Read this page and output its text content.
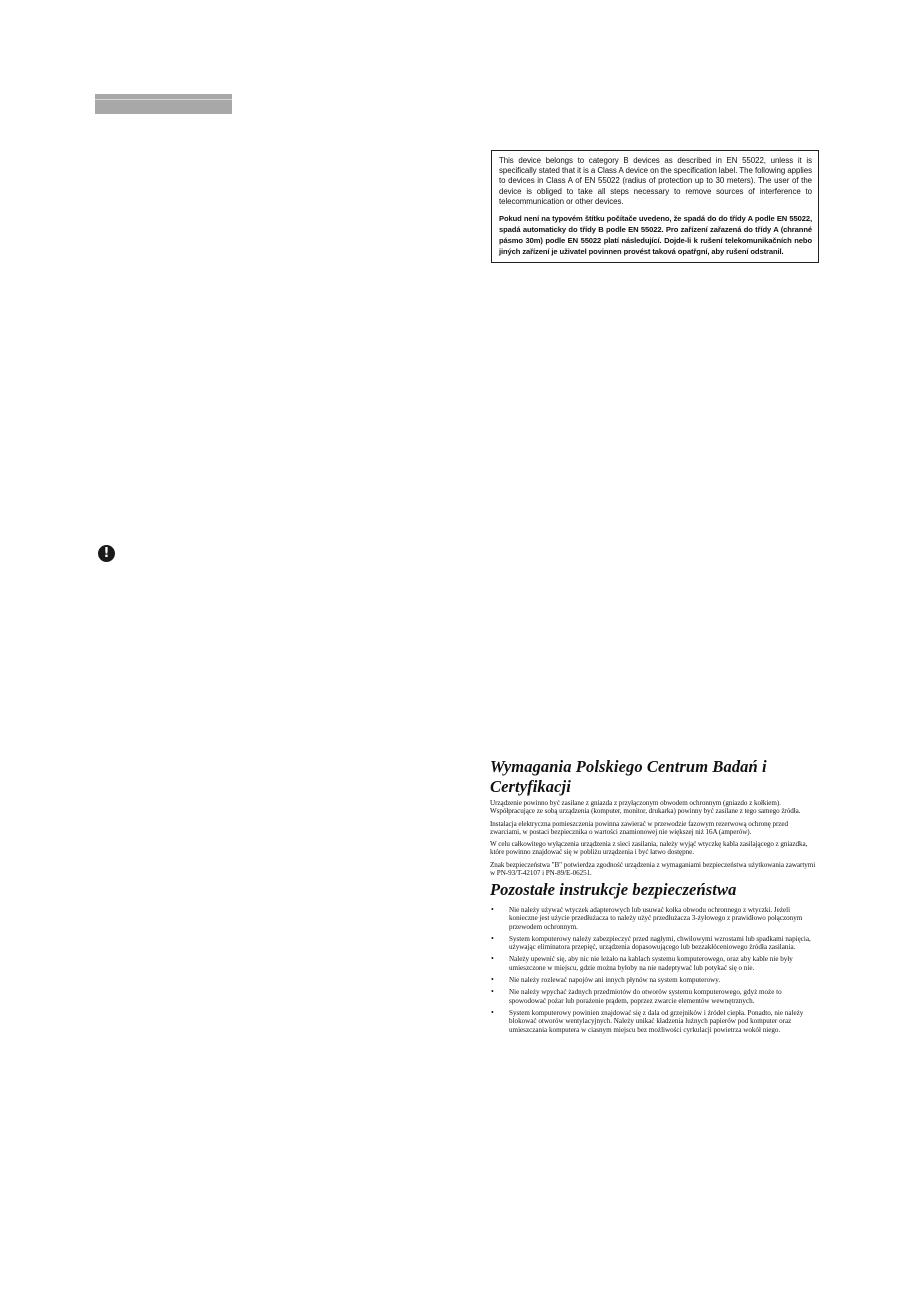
This device belongs to category B devices as described in EN 55022, unless it is specifically stated that it is a Class A device on the specification label. The following applies to devices in Class A of EN 55022 (radius of protection up to 30 meters). The user of the device is obliged to take all steps necessary to remove sources of interference to telecommunication or other devices.

Pokud není na typovém štítku počítače uvedeno, že spadá do do třídy A podle EN 55022, spadá automaticky do třídy B podle EN 55022. Pro zařízení zařazená do třídy A (chranné pásmo 30m) podle EN 55022 platí následující. Dojde-li k rušení telekomunikačních nebo jiných zařízení je uživatel povinnen provést taková opatřgní, aby rušení odstranil.

!
Wymagania Polskiego Centrum Badań i Certyfikacji

Urządzenie powinno być zasilane z gniazda z przyłączonym obwodem ochronnym (gniazdo z kołkiem). Współpracujące ze sobą urządzenia (komputer, monitor, drukarka) powinny być zasilane z tego samego źródła.

Instalacja elektryczna pomieszczenia powinna zawierać w przewodzie fazowym rezerwową ochronę przed zwarciami, w postaci bezpiecznika o wartości znamionowej nie większej niż 16A (amperów).

W celu całkowitego wyłączenia urządzenia z sieci zasilania, należy wyjąć wtyczkę kabla zasilającego z gniazdka, które powinno znajdować się w pobliżu urządzenia i być łatwo dostępne.

Znak bezpieczeństwa "B" potwierdza zgodność urządzenia z wymaganiami bezpieczeństwa użytkowania zawartymi w PN-93/T-42107 i PN-89/E-06251.

Pozostałe instrukcje bezpieczeństwa
• Nie należy używać wtyczek adapterowych lub usuwać kołka obwodu ochronnego z wtyczki. Jeżeli konieczne jest użycie przedłużacza to należy użyć przedłużacza 3-żyłowego z prawidłowo połączonym przewodem ochronnym.
• System komputerowy należy zabezpieczyć przed nagłymi, chwilowymi wzrostami lub spadkami napięcia, używając eliminatora przepięć, urządzenia dopasowującego lub bezzakłóceniowego źródła zasilania.
• Należy upewnić się, aby nic nie leżało na kablach systemu komputerowego, oraz aby kable nie były umieszczone w miejscu, gdzie można byłoby na nie nadeptywać lub potykać się o nie.
• Nie należy rozlewać napojów ani innych płynów na system komputerowy.
• Nie należy wpychać żadnych przedmiotów do otworów systemu komputerowego, gdyż może to spowodować pożar lub porażenie prądem, poprzez zwarcie elementów wewnętrznych.
• System komputerowy powinien znajdować się z dala od grzejników i źródeł ciepła. Ponadto, nie należy blokować otworów wentylacyjnych. Należy unikać kładzenia lużnych papierów pod komputer oraz umieszczania komputera w ciasnym miejscu bez możliwości cyrkulacji powietrza wokół niego.
